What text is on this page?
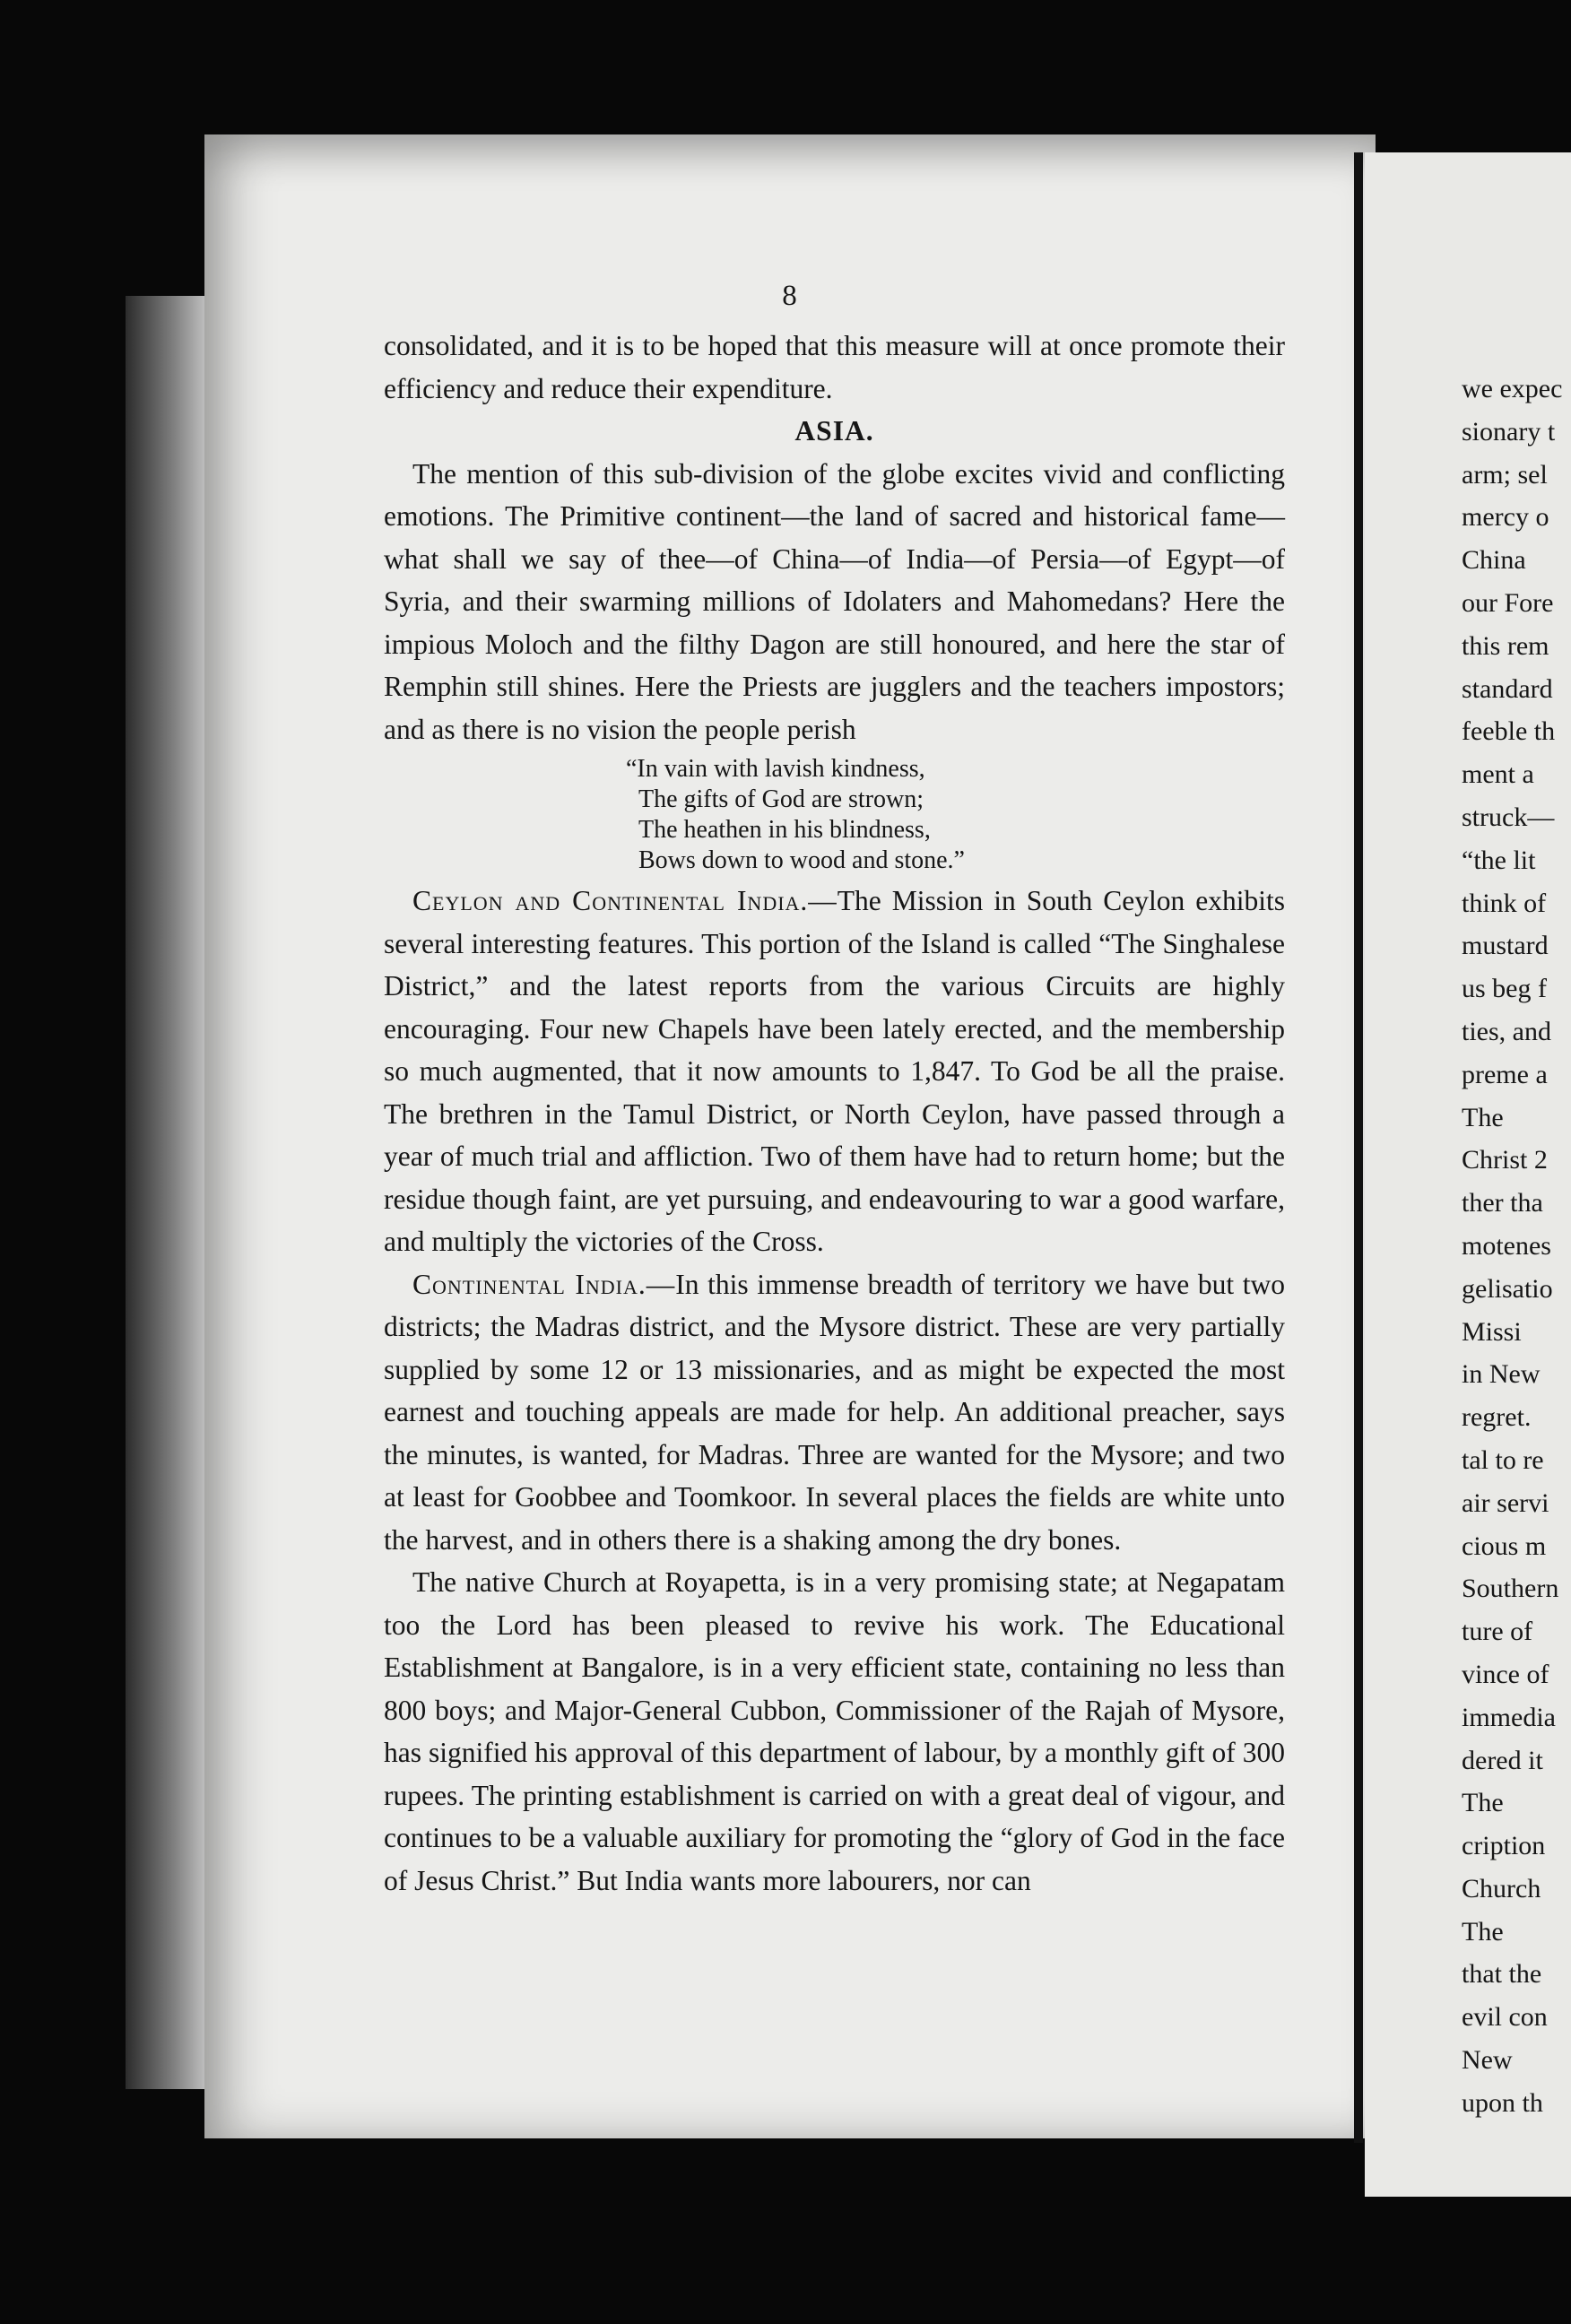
8

consolidated, and it is to be hoped that this measure will at once promote their efficiency and reduce their expenditure.

ASIA.

The mention of this sub-division of the globe excites vivid and conflicting emotions. The Primitive continent—the land of sacred and historical fame—what shall we say of thee—of China—of India—of Persia—of Egypt—of Syria, and their swarming millions of Idolaters and Mahomedans? Here the impious Moloch and the filthy Dagon are still honoured, and here the star of Remphin still shines. Here the Priests are jugglers and the teachers impostors; and as there is no vision the people perish

“In vain with lavish kindness,
The gifts of God are strown;
The heathen in his blindness,
Bows down to wood and stone.”

Ceylon and Continental India.—The Mission in South Ceylon exhibits several interesting features. This portion of the Island is called “The Singhalese District,” and the latest reports from the various Circuits are highly encouraging. Four new Chapels have been lately erected, and the membership so much augmented, that it now amounts to 1,847. To God be all the praise. The brethren in the Tamul District, or North Ceylon, have passed through a year of much trial and affliction. Two of them have had to return home; but the residue though faint, are yet pursuing, and endeavouring to war a good warfare, and multiply the victories of the Cross.

Continental India.—In this immense breadth of territory we have but two districts; the Madras district, and the Mysore district. These are very partially supplied by some 12 or 13 missionaries, and as might be expected the most earnest and touching appeals are made for help. An additional preacher, says the minutes, is wanted, for Madras. Three are wanted for the Mysore; and two at least for Goobbee and Toomkoor. In several places the fields are white unto the harvest, and in others there is a shaking among the dry bones.

The native Church at Royapetta, is in a very promising state; at Negapatam too the Lord has been pleased to revive his work. The Educational Establishment at Bangalore, is in a very efficient state, containing no less than 800 boys; and Major-General Cubbon, Commissioner of the Rajah of Mysore, has signified his approval of this department of labour, by a monthly gift of 300 rupees. The printing establishment is carried on with a great deal of vigour, and continues to be a valuable auxiliary for promoting the “glory of God in the face of Jesus Christ.” But India wants more labourers, nor can

we expec
sionary t
arm; sel
mercy o
China
our Fore
this rem
standard
feeble th
ment a
struck—
“the lit
think of
mustard
us beg f
ties, and
preme a
The
Christ 2
ther tha
motenes
gelisatio
Missi
in New
regret.
tal to re
air servi
cious m
Southern
ture of
vince of
immedia
dered it
The
cription
Church
The
that the
evil con
New
upon th
